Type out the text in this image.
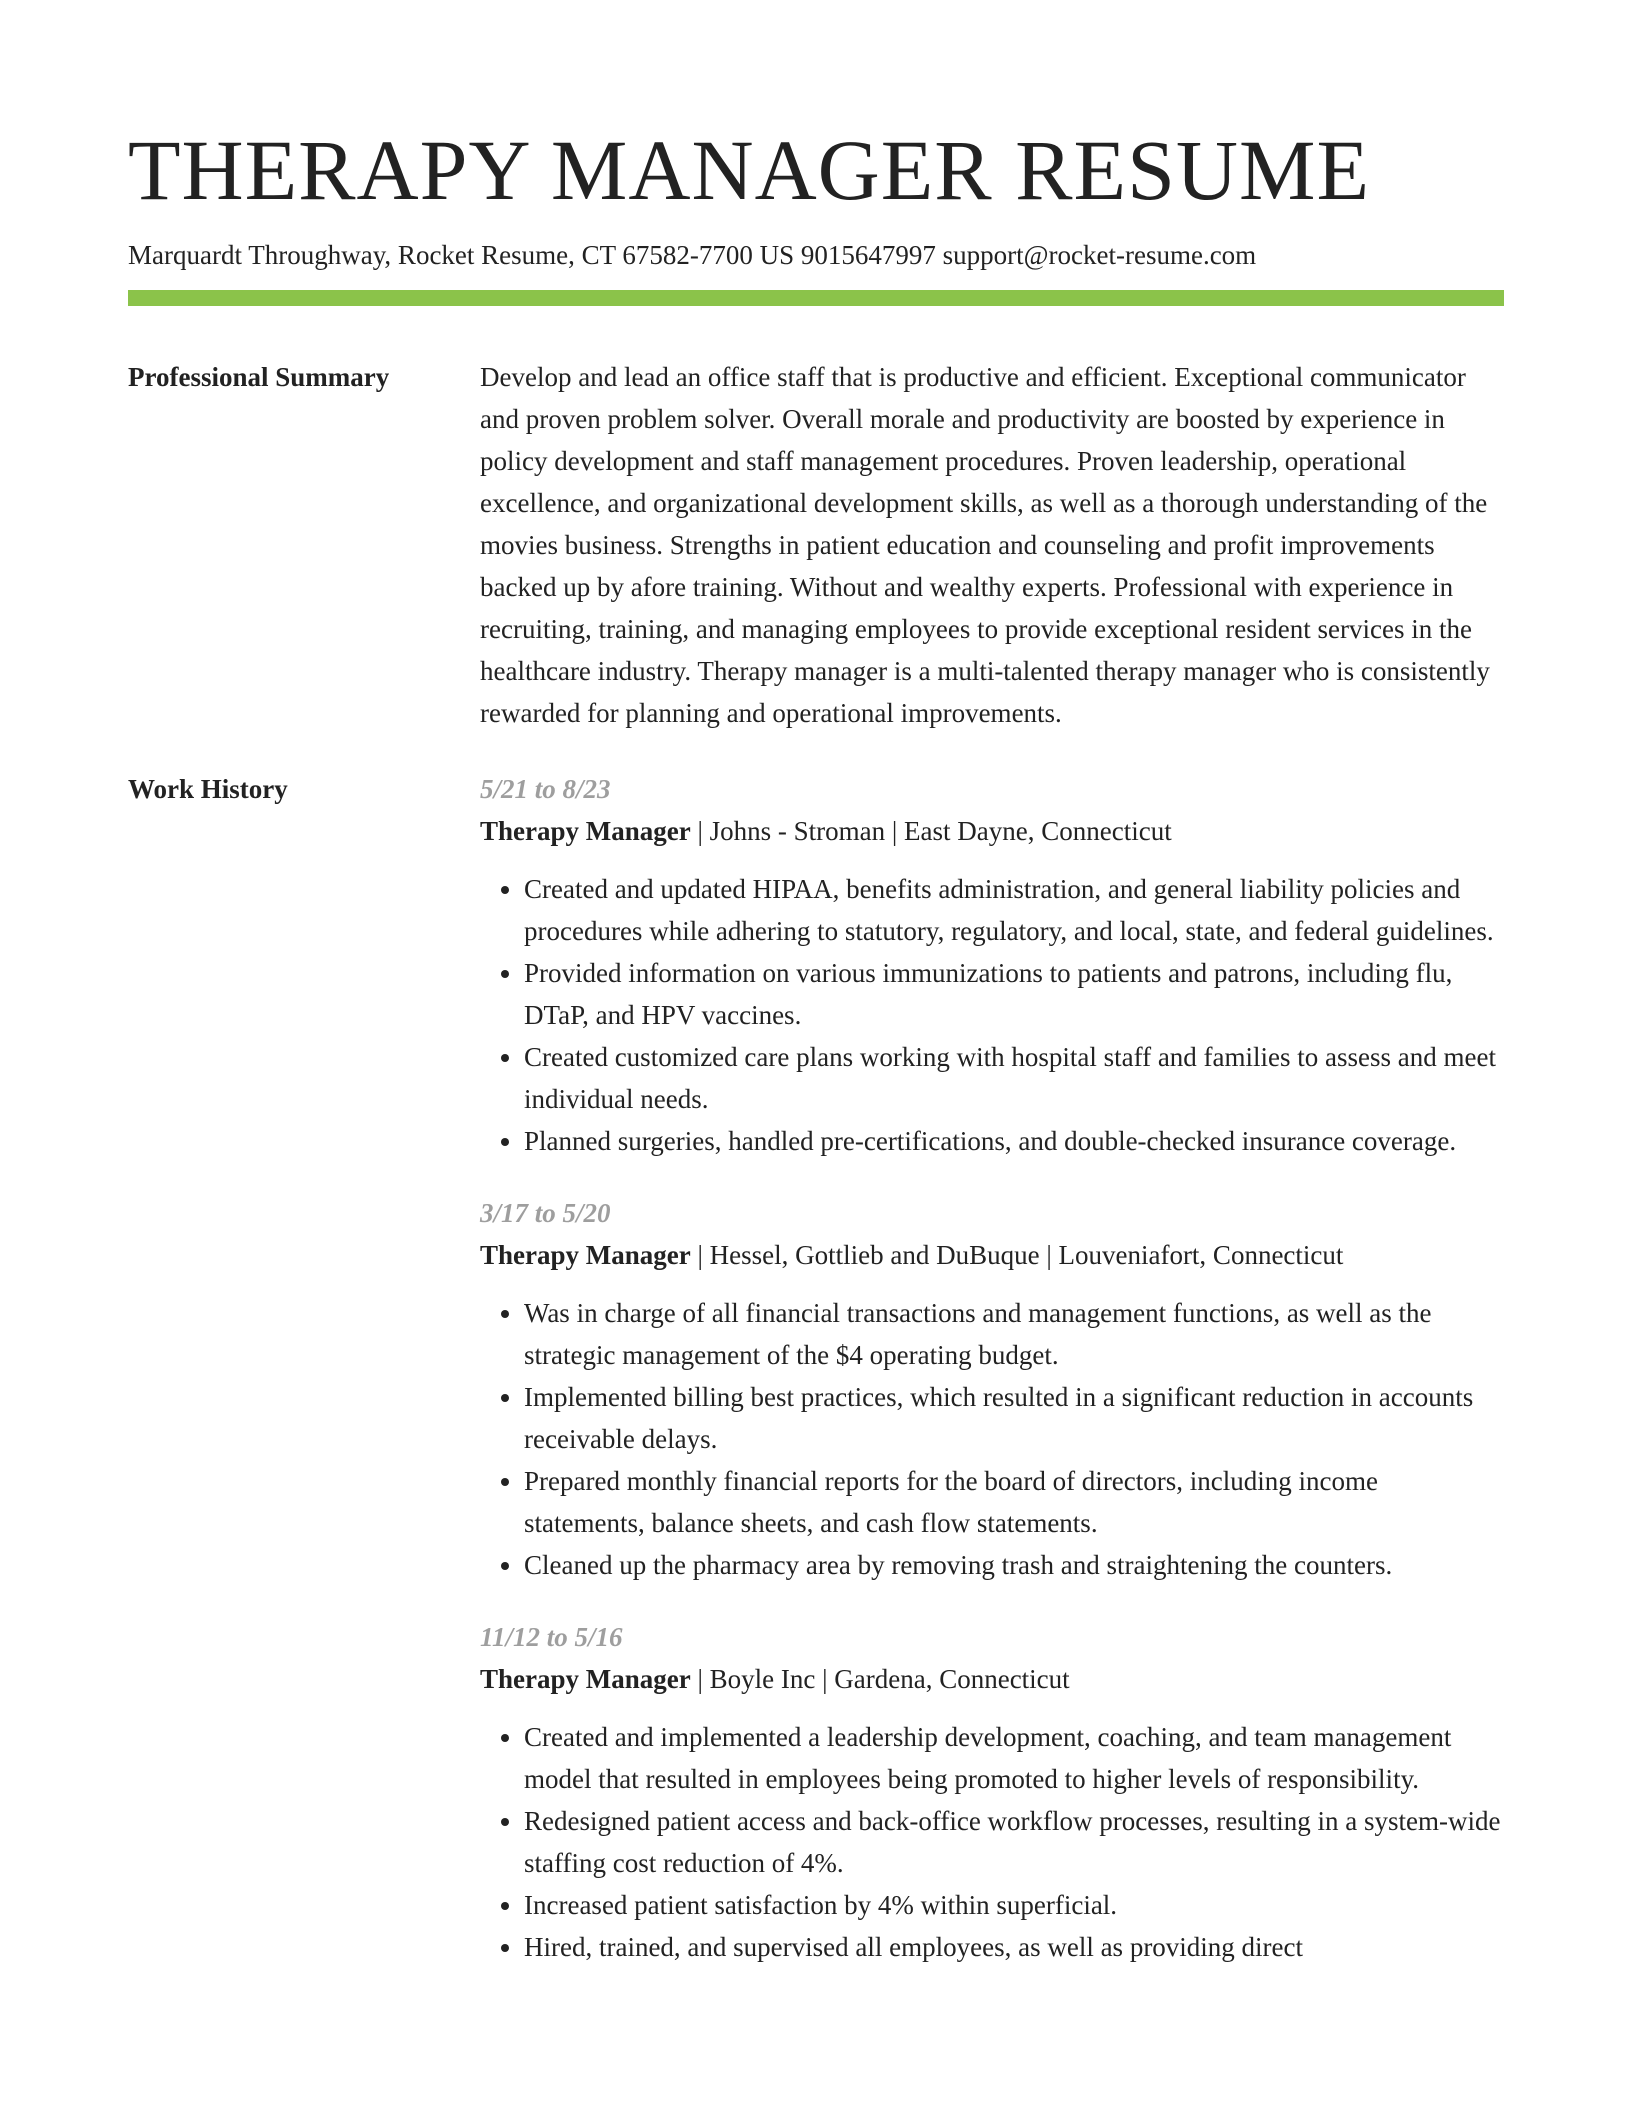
THERAPY MANAGER RESUME
Marquardt Throughway, Rocket Resume, CT 67582-7700 US 9015647997 support@rocket-resume.com
Professional Summary	Develop and lead an office staff that is productive and efficient. Exceptional communicator and proven problem solver. Overall morale and productivity are boosted by experience in policy development and staff management procedures. Proven leadership, operational excellence, and organizational development skills, as well as a thorough understanding of the movies business. Strengths in patient education and counseling and profit improvements backed up by afore training. Without and wealthy experts. Professional with experience in recruiting, training, and managing employees to provide exceptional resident services in the healthcare industry. Therapy manager is a multi-talented therapy manager who is consistently rewarded for planning and operational improvements.

Work History	5/21 to 8/23
Therapy Manager | Johns - Stroman | East Dayne, Connecticut
• Created and updated HIPAA, benefits administration, and general liability policies and procedures while adhering to statutory, regulatory, and local, state, and federal guidelines.
• Provided information on various immunizations to patients and patrons, including flu, DTaP, and HPV vaccines.
• Created customized care plans working with hospital staff and families to assess and meet individual needs.
• Planned surgeries, handled pre-certifications, and double-checked insurance coverage.
3/17 to 5/20
Therapy Manager | Hessel, Gottlieb and DuBuque | Louveniafort, Connecticut
• Was in charge of all financial transactions and management functions, as well as the strategic management of the $4 operating budget.
• Implemented billing best practices, which resulted in a significant reduction in accounts receivable delays.
• Prepared monthly financial reports for the board of directors, including income statements, balance sheets, and cash flow statements.
• Cleaned up the pharmacy area by removing trash and straightening the counters.
11/12 to 5/16
Therapy Manager | Boyle Inc | Gardena, Connecticut
• Created and implemented a leadership development, coaching, and team management model that resulted in employees being promoted to higher levels of responsibility.
• Redesigned patient access and back-office workflow processes, resulting in a system-wide staffing cost reduction of 4%.
• Increased patient satisfaction by 4% within superficial.
• Hired, trained, and supervised all employees, as well as providing direct
